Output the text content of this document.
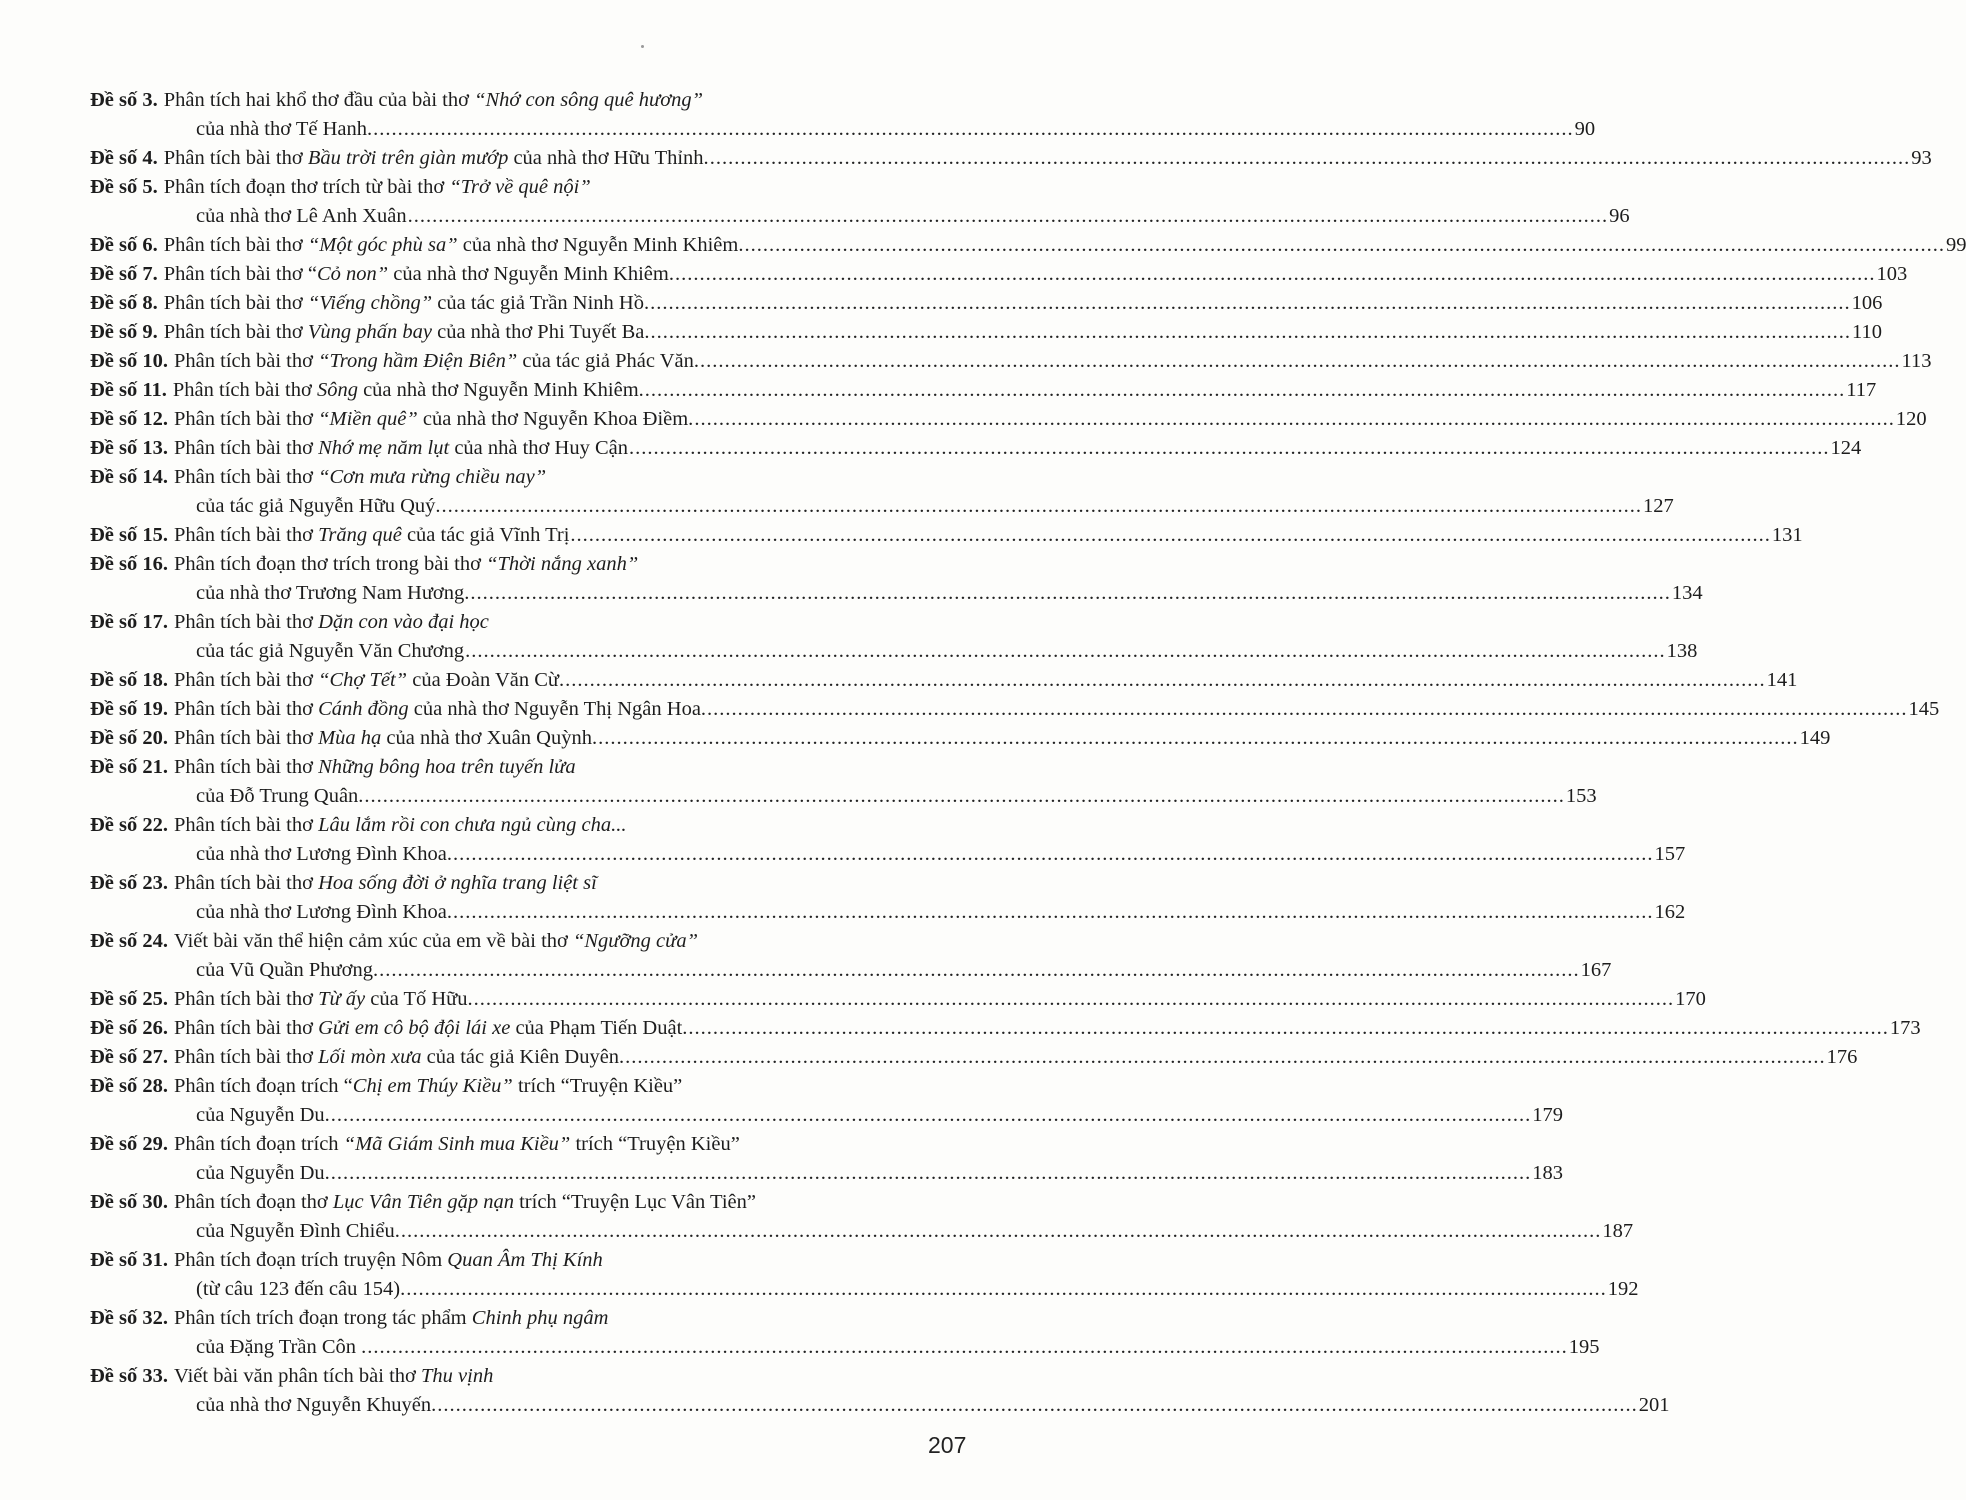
Đề số 3. Phân tích hai khổ thơ đầu của bài thơ “Nhớ con sông quê hương”
của nhà thơ Tế Hanh. .....	90
Đề số 4. Phân tích bài thơ Bầu trời trên giàn mướp của nhà thơ Hữu Thỉnh. .....	93
Đề số 5. Phân tích đoạn thơ trích từ bài thơ “Trở về quê nội”
của nhà thơ Lê Anh Xuân .....	96
Đề số 6. Phân tích bài thơ “Một góc phù sa” của nhà thơ Nguyễn Minh Khiêm. .....	99
Đề số 7. Phân tích bài thơ “Cỏ non” của nhà thơ Nguyễn Minh Khiêm. .....	103
Đề số 8. Phân tích bài thơ “Viếng chồng” của tác giả Trần Ninh Hồ. .....	106
Đề số 9. Phân tích bài thơ Vùng phấn bay của nhà thơ Phi Tuyết Ba. .....	110
Đề số 10. Phân tích bài thơ “Trong hầm Điện Biên” của tác giả Phác Văn. .....	113
Đề số 11. Phân tích bài thơ Sông của nhà thơ Nguyễn Minh Khiêm. .....	117
Đề số 12. Phân tích bài thơ “Miền quê” của nhà thơ Nguyễn Khoa Điềm. .....	120
Đề số 13. Phân tích bài thơ Nhớ mẹ năm lụt của nhà thơ Huy Cận .....	124
Đề số 14. Phân tích bài thơ “Cơn mưa rừng chiều nay”
của tác giả Nguyễn Hữu Quý. .....	127
Đề số 15. Phân tích bài thơ Trăng quê của tác giả Vĩnh Trị .....	131
Đề số 16. Phân tích đoạn thơ trích trong bài thơ “Thời nắng xanh”
của nhà thơ Trương Nam Hương. .....	134
Đề số 17. Phân tích bài thơ Dặn con vào đại học
của tác giả Nguyễn Văn Chương .....	138
Đề số 18. Phân tích bài thơ “Chợ Tết” của Đoàn Văn Cừ. .....	141
Đề số 19. Phân tích bài thơ Cánh đồng của nhà thơ Nguyễn Thị Ngân Hoa. .....	145
Đề số 20. Phân tích bài thơ Mùa hạ của nhà thơ Xuân Quỳnh. .....	149
Đề số 21. Phân tích bài thơ Những bông hoa trên tuyến lửa
của Đỗ Trung Quân. .....	153
Đề số 22. Phân tích bài thơ Lâu lắm rồi con chưa ngủ cùng cha...
của nhà thơ Lương Đình Khoa. .....	157
Đề số 23. Phân tích bài thơ Hoa sống đời ở nghĩa trang liệt sĩ
của nhà thơ Lương Đình Khoa. .....	162
Đề số 24. Viết bài văn thể hiện cảm xúc của em về bài thơ “Ngưỡng cửa”
của Vũ Quần Phương. .....	167
Đề số 25. Phân tích bài thơ Từ ấy của Tố Hữu. .....	170
Đề số 26. Phân tích bài thơ Gửi em cô bộ đội lái xe của Phạm Tiến Duật. .....	173
Đề số 27. Phân tích bài thơ Lối mòn xưa của tác giả Kiên Duyên. .....	176
Đề số 28. Phân tích đoạn trích “Chị em Thúy Kiều” trích “Truyện Kiều”
của Nguyễn Du. .....	179
Đề số 29. Phân tích đoạn trích “Mã Giám Sinh mua Kiều” trích “Truyện Kiều”
của Nguyễn Du. .....	183
Đề số 30. Phân tích đoạn thơ Lục Vân Tiên gặp nạn trích “Truyện Lục Vân Tiên”
của Nguyễn Đình Chiểu. .....	187
Đề số 31. Phân tích đoạn trích truyện Nôm Quan Âm Thị Kính
(từ câu 123 đến câu 154). .....	192
Đề số 32. Phân tích trích đoạn trong tác phẩm Chinh phụ ngâm
của Đặng Trần Côn . .....	195
Đề số 33. Viết bài văn phân tích bài thơ Thu vịnh
của nhà thơ Nguyễn Khuyến. .....	201
207
